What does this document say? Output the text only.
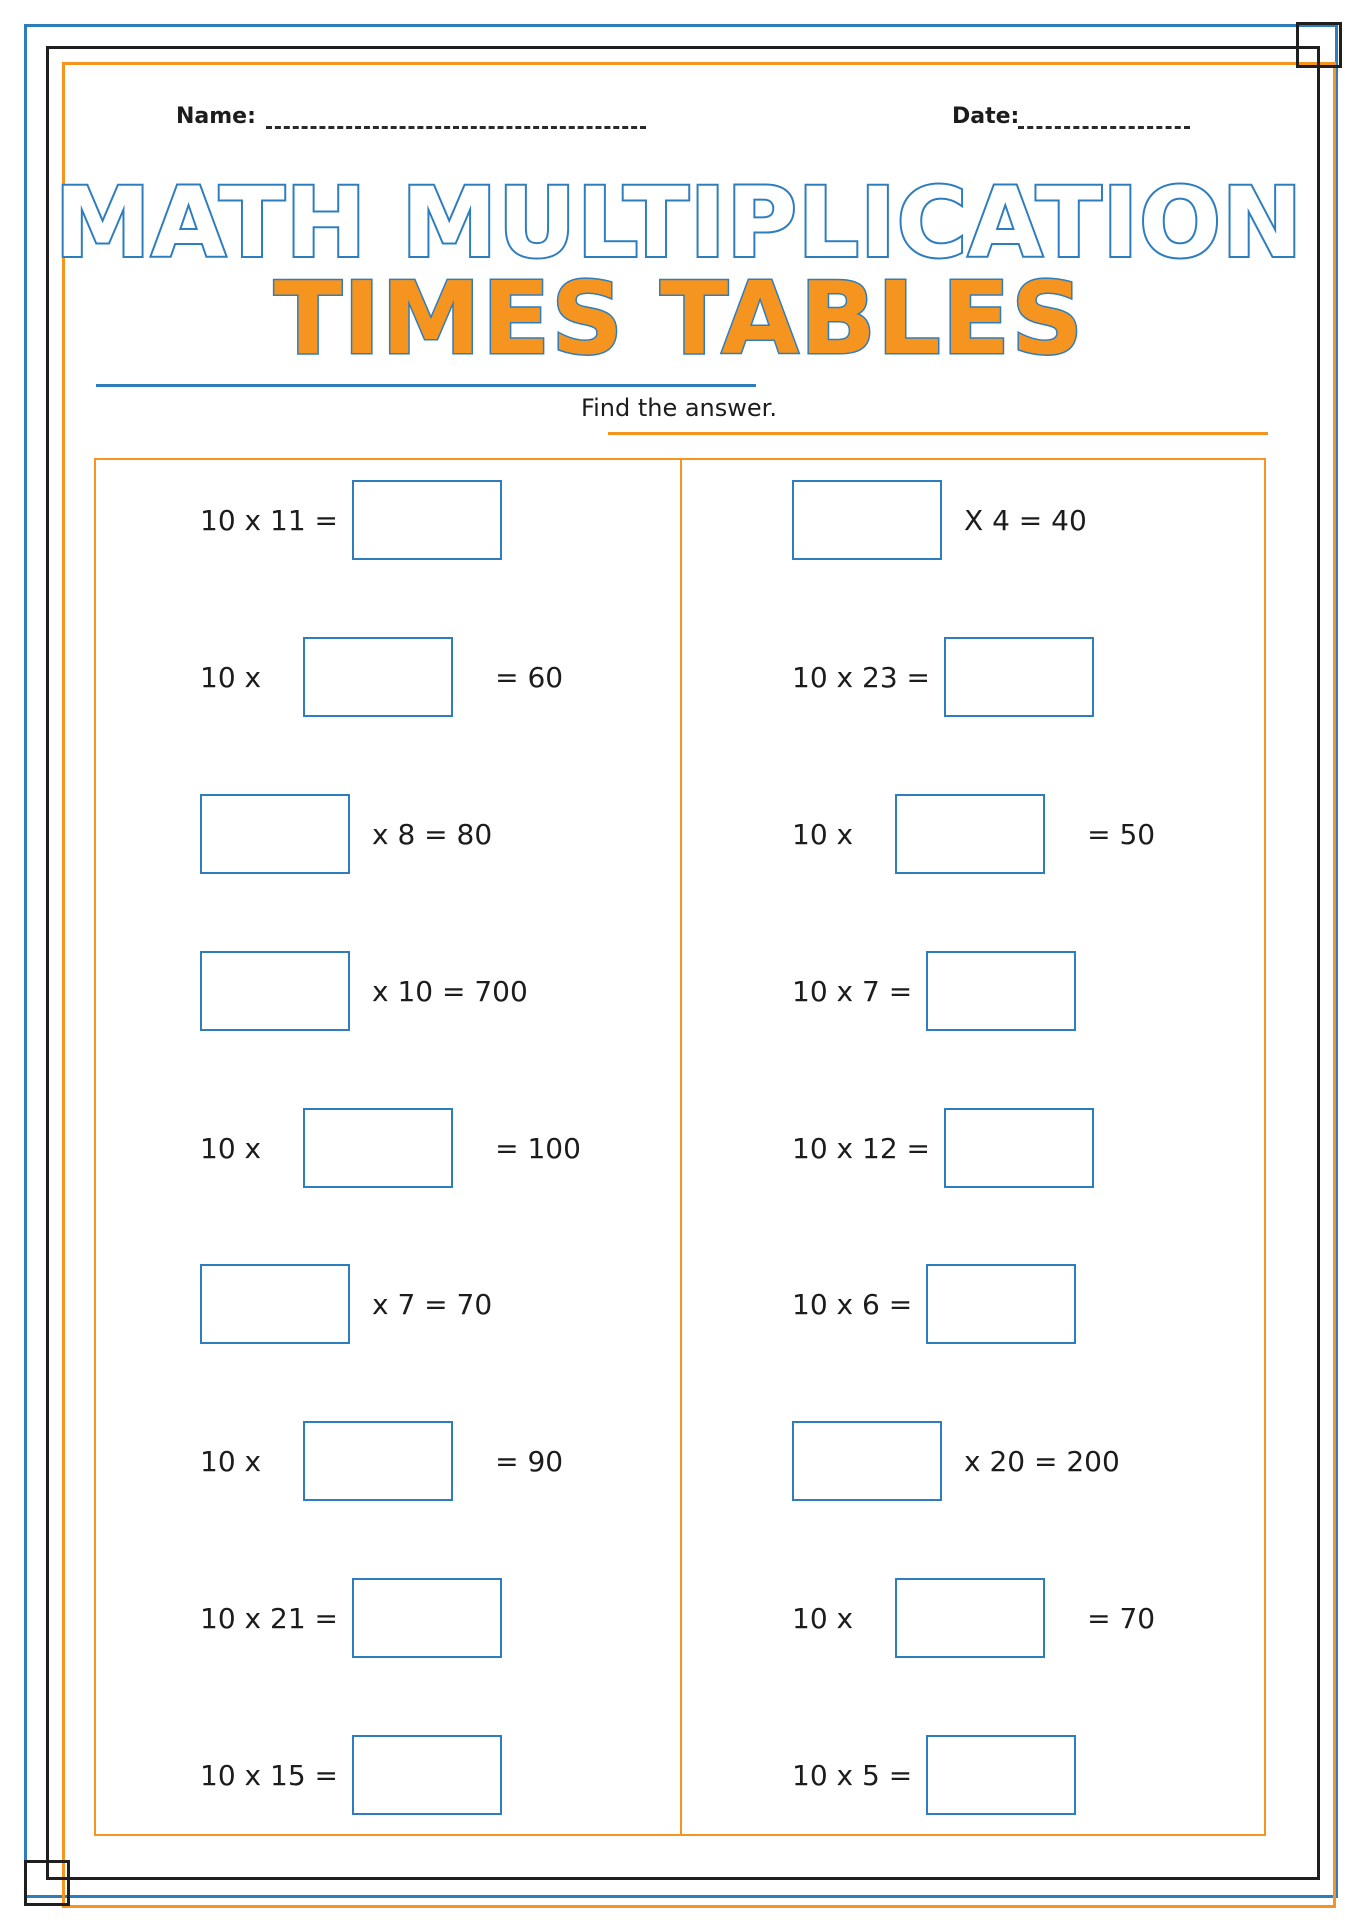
Name:	Date:
MATH MULTIPLICATION
TIMES TABLES
Find the answer.
10 x 11 =
10 x	= 60
x 8 = 80
x 10 = 700
10 x	= 100
x 7 = 70
10 x	= 90
10 x 21 =
10 x 15 =
X 4 = 40
10 x 23 =
10 x	= 50
10 x 7 =
10 x 12 =
10 x 6 =
x 20 = 200
10 x	= 70
10 x 5 =
